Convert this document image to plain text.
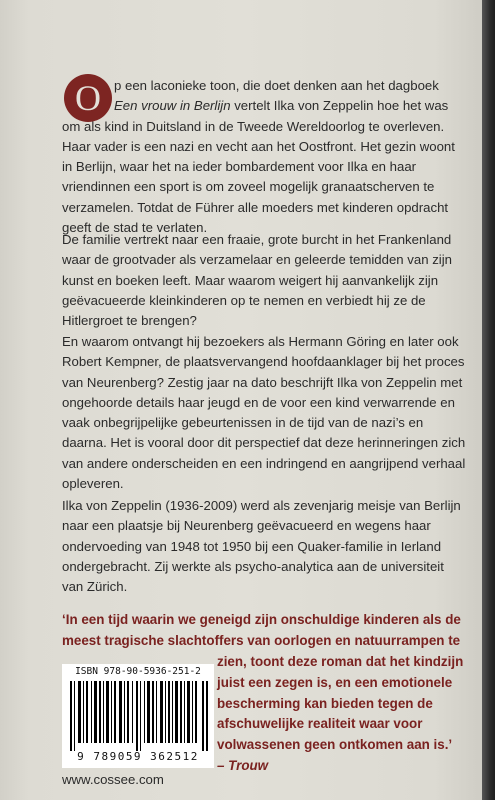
O p een laconieke toon, die doet denken aan het dagboek

Een vrouw in Berlijn vertelt Ilka von Zeppelin hoe het was

om als kind in Duitsland in de Tweede Wereldoorlog te overleven. Haar vader is een nazi en vecht aan het Oostfront. Het gezin woont in Berlijn, waar het na ieder bombardement voor Ilka en haar vriendinnen een sport is om zoveel mogelijk granaatscherven te verzamelen. Totdat de Führer alle moeders met kinderen opdracht geeft de stad te verlaten.

De familie vertrekt naar een fraaie, grote burcht in het Frankenland waar de grootvader als verzamelaar en geleerde temidden van zijn kunst en boeken leeft. Maar waarom weigert hij aanvankelijk zijn geëvacueerde kleinkinderen op te nemen en verbiedt hij ze de Hitlergroet te brengen?

En waarom ontvangt hij bezoekers als Hermann Göring en later ook Robert Kempner, de plaatsvervangend hoofdaanklager bij het proces van Neurenberg? Zestig jaar na dato beschrijft Ilka von Zeppelin met ongehoorde details haar jeugd en de voor een kind verwarrende en vaak onbegrijpelijke gebeurtenissen in de tijd van de nazi’s en daarna. Het is vooral door dit perspectief dat deze herinneringen zich van andere onderscheiden en een indringend en aangrijpend verhaal opleveren.

Ilka von Zeppelin (1936-2009) werd als zevenjarig meisje van Berlijn naar een plaatsje bij Neurenberg geëvacueerd en wegens haar ondervoeding van 1948 tot 1950 bij een Quaker-familie in Ierland ondergebracht. Zij werkte als psycho-analytica aan de universiteit van Zürich.

‘In een tijd waarin we geneigd zijn onschuldige kinderen als de
meest tragische slachtoffers van oorlogen en natuurrampen te
zien, toont deze roman dat het kindzijn juist een zegen is, en een emotionele bescherming kan bieden tegen de afschuwelijke realiteit waar voor volwassenen geen ontkomen aan is.’
– Trouw
ISBN 978-90-5936-251-2
9 789059 362512
www.cossee.com
